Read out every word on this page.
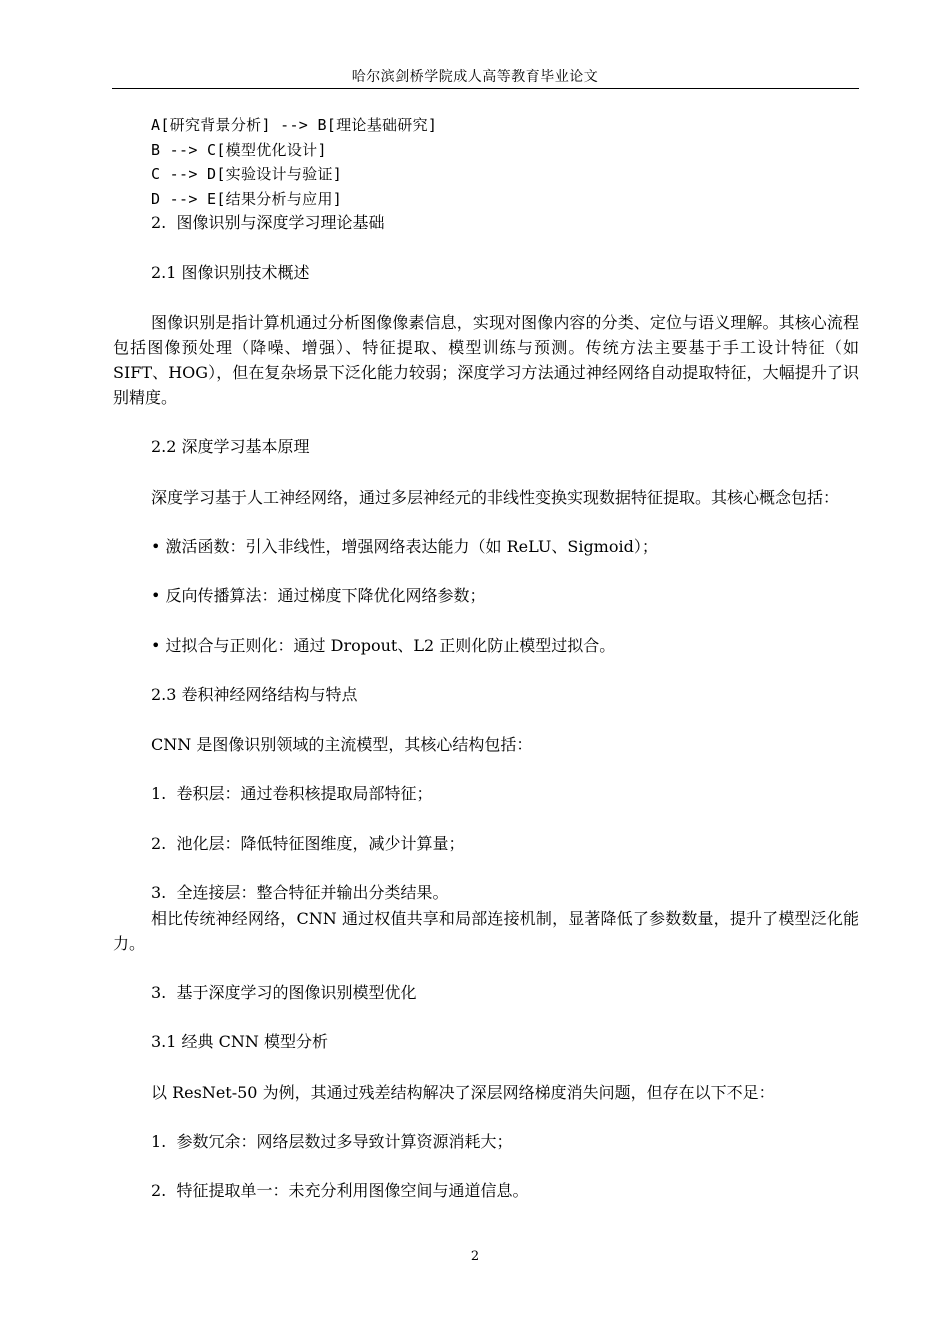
哈尔滨剑桥学院成人高等教育毕业论文

A[研究背景分析] --> B[理论基础研究]

B --> C[模型优化设计]

C --> D[实验设计与验证]

D --> E[结果分析与应用]

2.  图像识别与深度学习理论基础

2.1 图像识别技术概述

图像识别是指计算机通过分析图像像素信息，实现对图像内容的分类、定位与语义理解。其核心流程包括图像预处理（降噪、增强）、特征提取、模型训练与预测。传统方法主要基于手工设计特征（如 SIFT、HOG），但在复杂场景下泛化能力较弱；深度学习方法通过神经网络自动提取特征，大幅提升了识别精度。

2.2 深度学习基本原理

深度学习基于人工神经网络，通过多层神经元的非线性变换实现数据特征提取。其核心概念包括：

• 激活函数：引入非线性，增强网络表达能力（如 ReLU、Sigmoid）；

• 反向传播算法：通过梯度下降优化网络参数；

• 过拟合与正则化：通过 Dropout、L2 正则化防止模型过拟合。

2.3 卷积神经网络结构与特点

CNN 是图像识别领域的主流模型，其核心结构包括：

1.  卷积层：通过卷积核提取局部特征；

2.  池化层：降低特征图维度，减少计算量；

3.  全连接层：整合特征并输出分类结果。

相比传统神经网络，CNN 通过权值共享和局部连接机制，显著降低了参数数量，提升了模型泛化能力。

3.  基于深度学习的图像识别模型优化

3.1 经典 CNN 模型分析

以 ResNet-50 为例，其通过残差结构解决了深层网络梯度消失问题，但存在以下不足：

1.  参数冗余：网络层数过多导致计算资源消耗大；

2.  特征提取单一：未充分利用图像空间与通道信息。

2
